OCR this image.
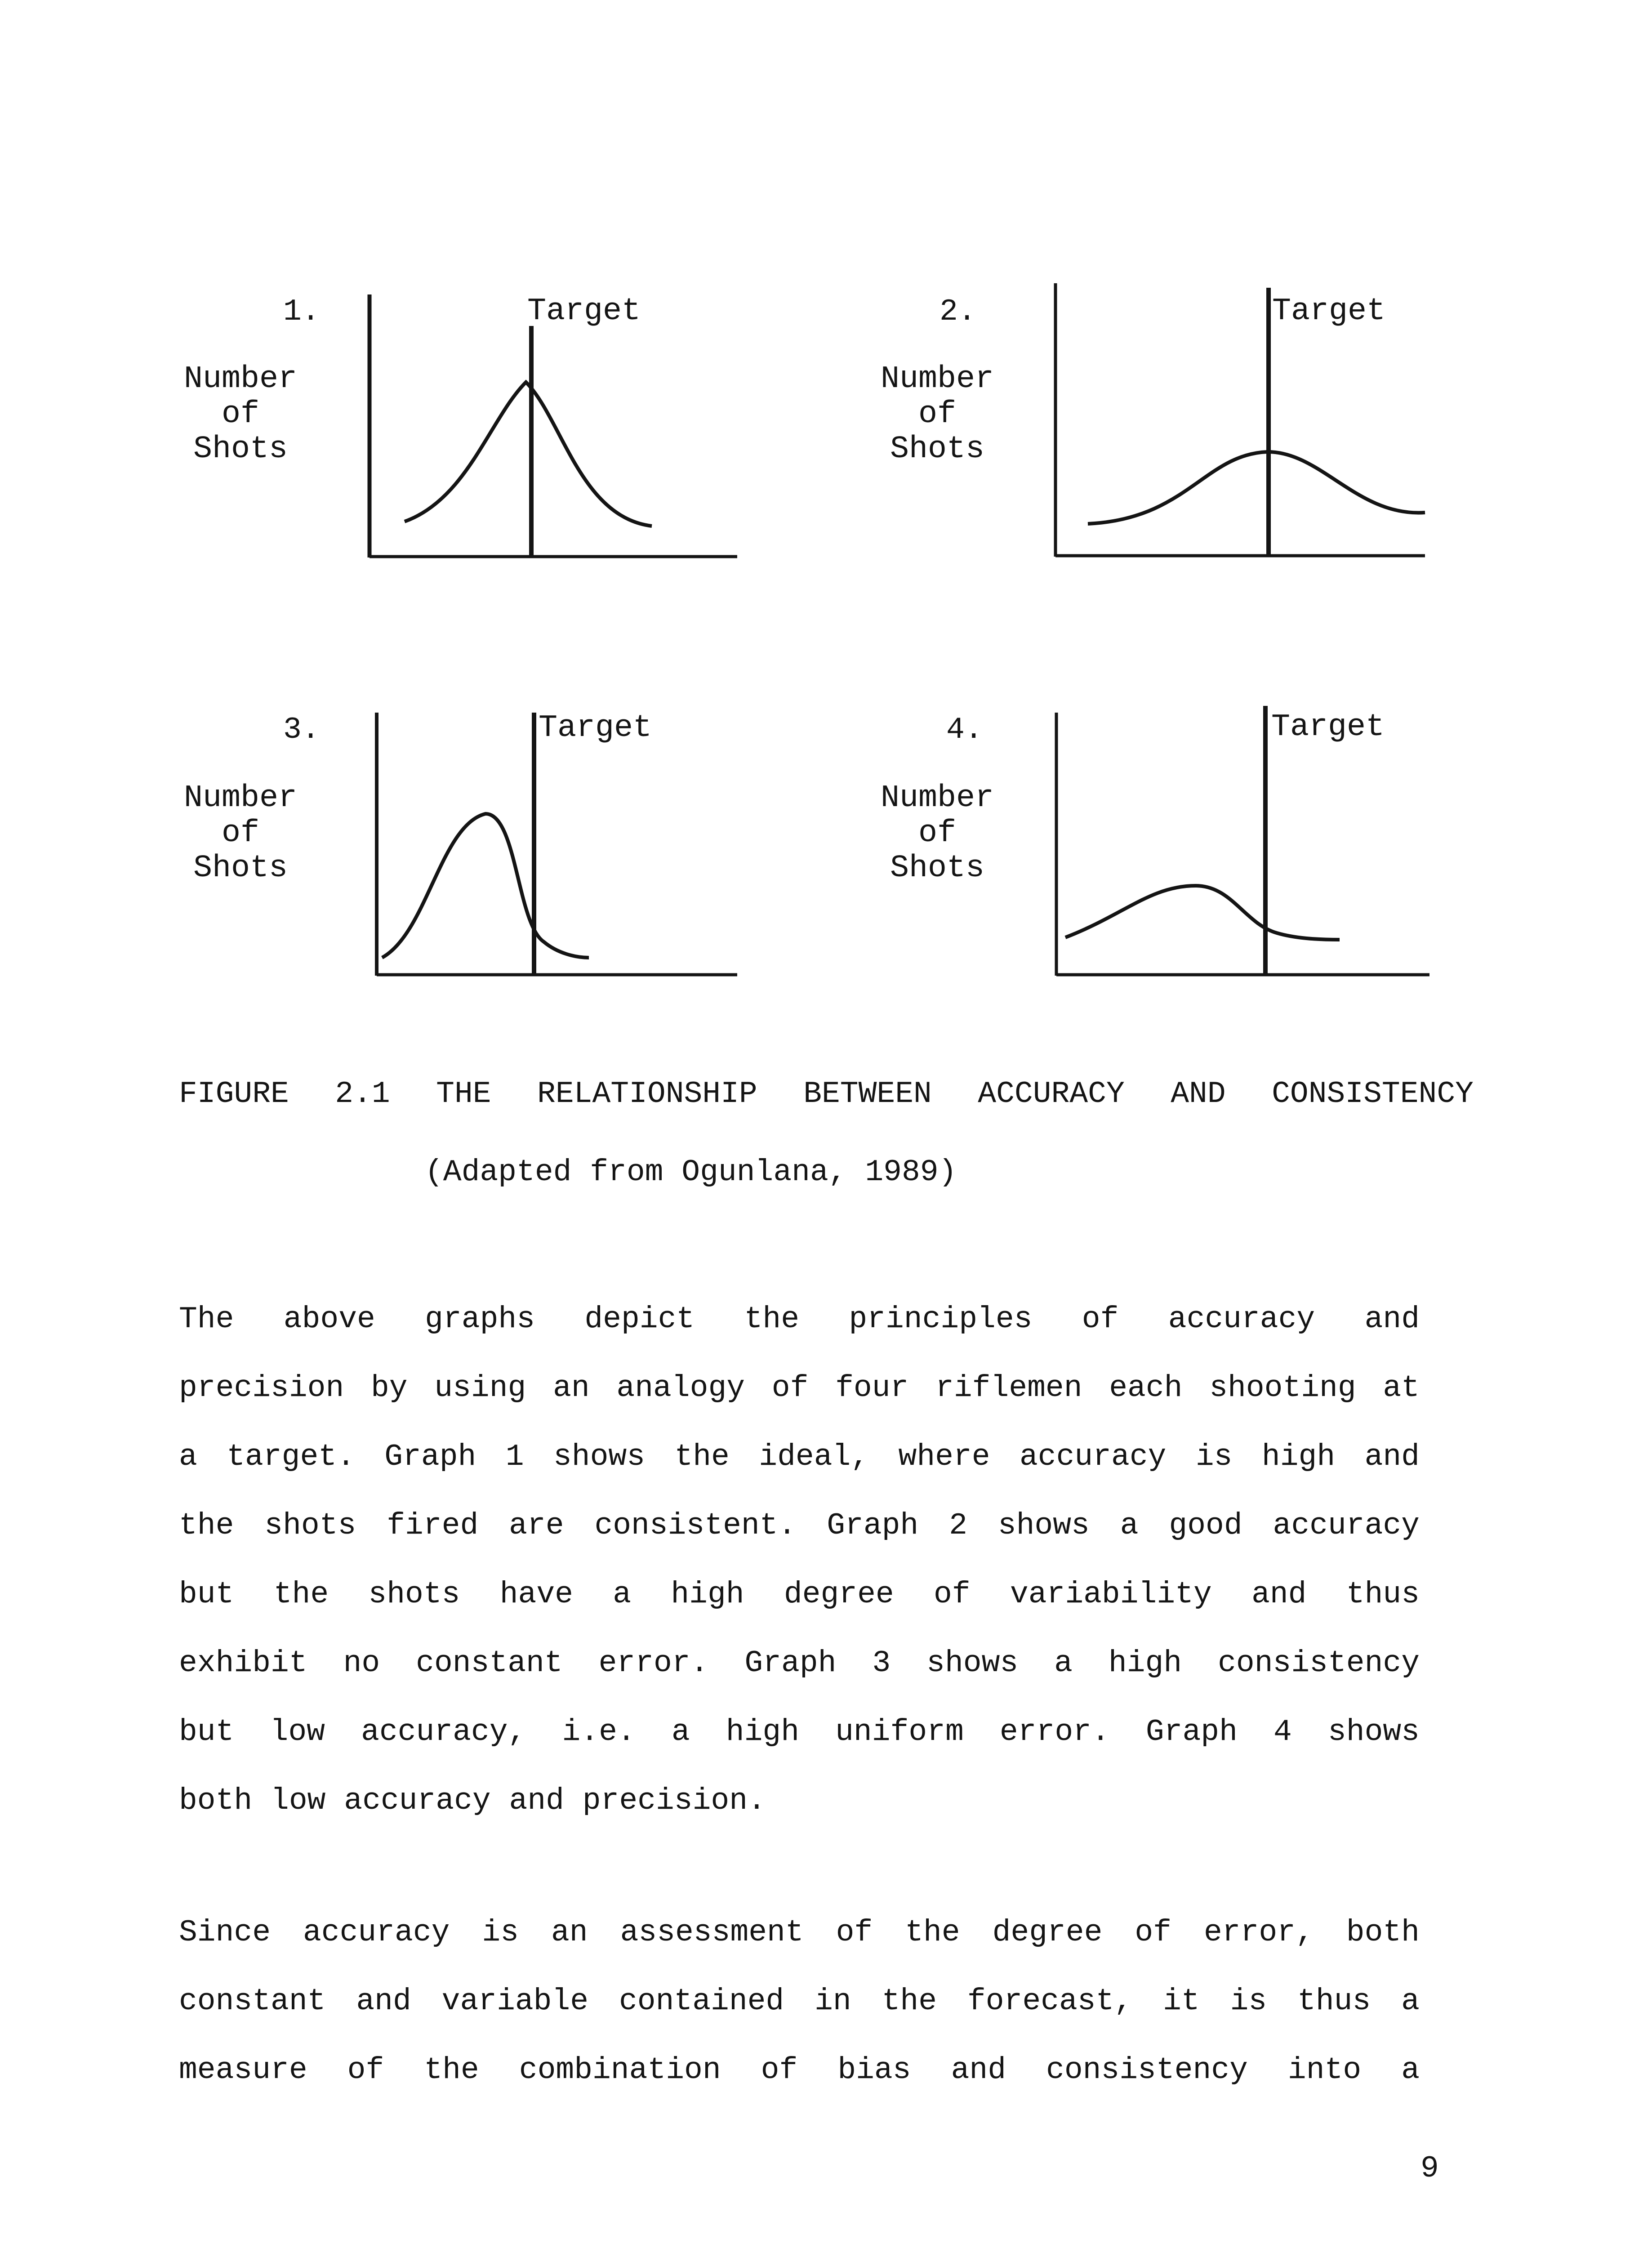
1.
Number
of
Shots
Target	2.
Number
of
Shots
Target
3.
Number
of
Shots
Target	4.
Number
of
Shots
Target
FIGURE 2.1 THE RELATIONSHIP BETWEEN ACCURACY AND CONSISTENCY
(Adapted from Ogunlana, 1989)
The above graphs depict the principles of accuracy and
precision by using an analogy of four riflemen each shooting at
a target. Graph 1 shows the ideal, where accuracy is high and
the shots fired are consistent. Graph 2 shows a good accuracy
but the shots have a high degree of variability and thus
exhibit no constant error. Graph 3 shows a high consistency
but low accuracy, i.e. a high uniform error. Graph 4 shows
both low accuracy and precision.
Since accuracy is an assessment of the degree of error, both
constant and variable contained in the forecast, it is thus a
measure of the combination of bias and consistency into a
9
